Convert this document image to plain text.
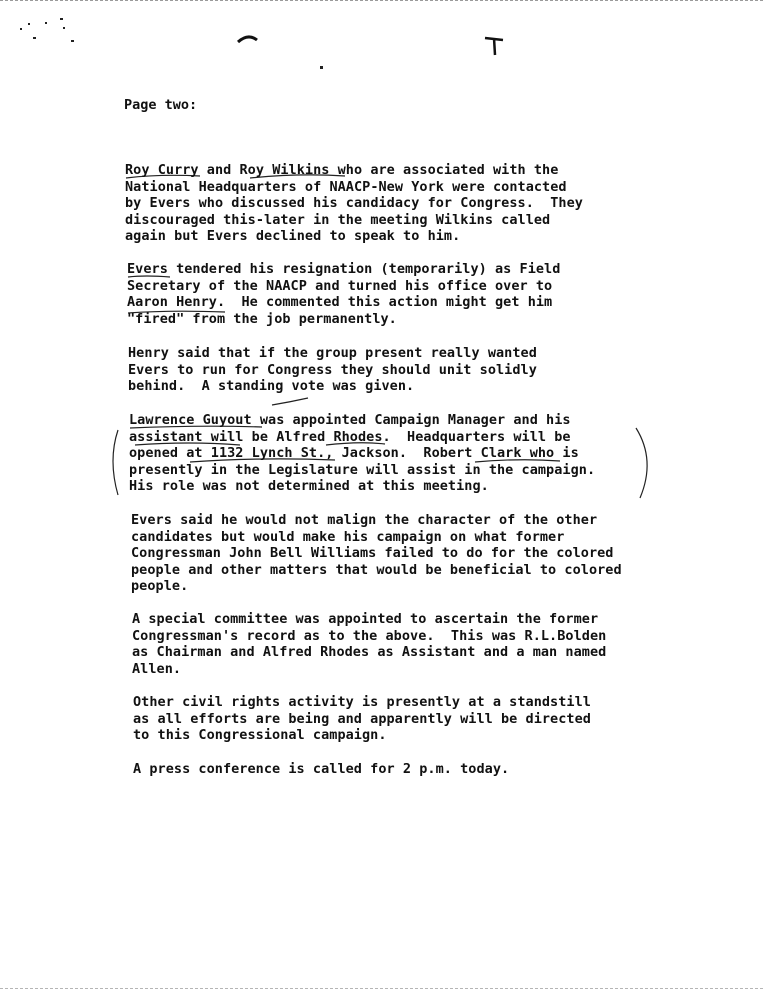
Page two:

Roy Curry and Roy Wilkins who are associated with the
National Headquarters of NAACP-New York were contacted
by Evers who discussed his candidacy for Congress.  They
discouraged this-later in the meeting Wilkins called
again but Evers declined to speak to him.

Evers tendered his resignation (temporarily) as Field
Secretary of the NAACP and turned his office over to
Aaron Henry.  He commented this action might get him
"fired" from the job permanently.

Henry said that if the group present really wanted
Evers to run for Congress they should unit solidly
behind.  A standing vote was given.

Lawrence Guyout was appointed Campaign Manager and his
assistant will be Alfred Rhodes.  Headquarters will be
opened at 1132 Lynch St., Jackson.  Robert Clark who is
presently in the Legislature will assist in the campaign.
His role was not determined at this meeting.

Evers said he would not malign the character of the other
candidates but would make his campaign on what former
Congressman John Bell Williams failed to do for the colored
people and other matters that would be beneficial to colored
people.

A special committee was appointed to ascertain the former
Congressman's record as to the above.  This was R.L.Bolden
as Chairman and Alfred Rhodes as Assistant and a man named
Allen.

Other civil rights activity is presently at a standstill
as all efforts are being and apparently will be directed
to this Congressional campaign.

A press conference is called for 2 p.m. today.
